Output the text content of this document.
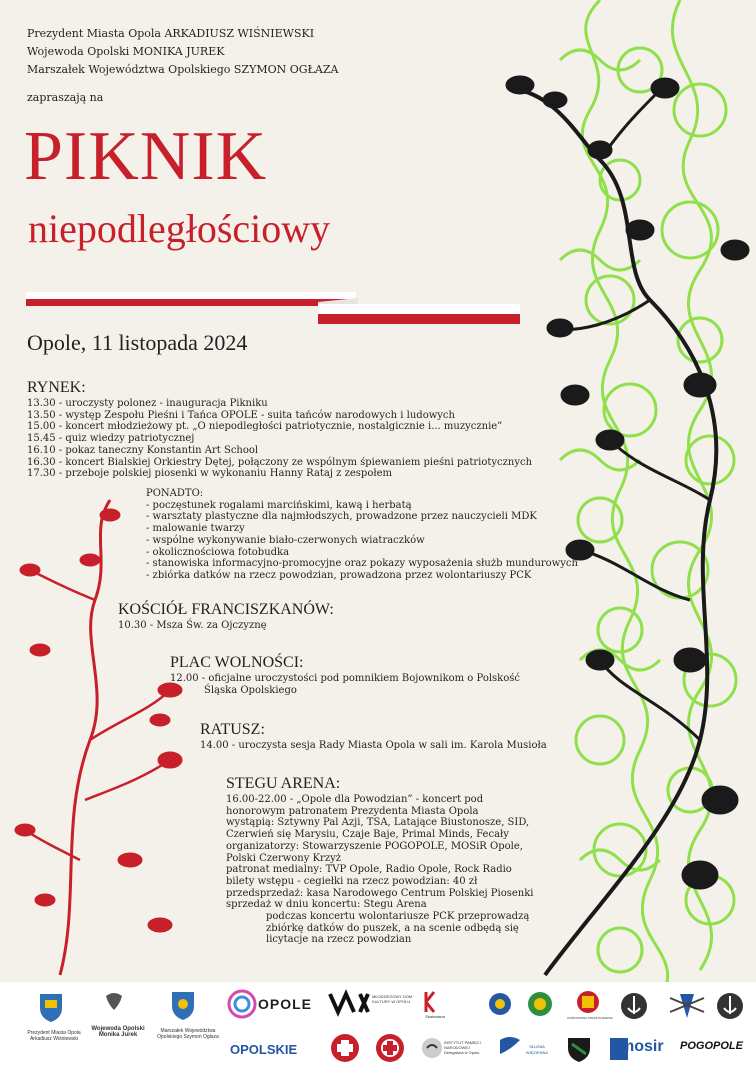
Prezydent Miasta Opola ARKADIUSZ WIŚNIEWSKI
Wojewoda Opolski MONIKA JUREK
Marszałek Województwa Opolskiego SZYMON OGŁAZA
zapraszają na
PIKNIK
niepodległościowy
Opole, 11 listopada 2024
RYNEK:
13.30 - uroczysty polonez - inauguracja Pikniku
13.50 - występ Zespołu Pieśni i Tańca OPOLE - suita tańców narodowych i ludowych
15.00 - koncert młodzieżowy pt. „O niepodległości patriotycznie, nostalgicznie i... muzycznie”
15.45 - quiz wiedzy patriotycznej
16.10 - pokaz taneczny Konstantin Art School
16.30 - koncert Bialskiej Orkiestry Dętej, połączony ze wspólnym śpiewaniem pieśni patriotycznych
17.30 - przeboje polskiej piosenki w wykonaniu Hanny Rataj z zespołem
PONADTO:
- poczęstunek rogalami marcińskimi, kawą i herbatą
- warsztaty plastyczne dla najmłodszych, prowadzone przez nauczycieli MDK
- malowanie twarzy
- wspólne wykonywanie biało-czerwonych wiatraczków
- okolicznościowa fotobudka
- stanowiska informacyjno-promocyjne oraz pokazy wyposażenia służb mundurowych
- zbiórka datków na rzecz powodzian, prowadzona przez wolontariuszy PCK
KOŚCIÓŁ FRANCISZKANÓW:
10.30 - Msza Św. za Ojczyznę
PLAC WOLNOŚCI:
12.00 - oficjalne uroczystości pod pomnikiem Bojownikom o Polskość
Śląska Opolskiego
RATUSZ:
14.00 - uroczysta sesja Rady Miasta Opola w sali im. Karola Musioła
STEGU ARENA:
16.00-22.00 - „Opole dla Powodzian” - koncert pod honorowym patronatem Prezydenta Miasta Opola
wystąpią: Sztywny Pal Azji, TSA, Latające Biustonosze, SID, Czerwień się Marysiu, Czaje Baje, Primal Minds, Fecały
organizatorzy: Stowarzyszenie POGOPOLE, MOSiR Opole, Polski Czerwony Krzyż
patronat medialny: TVP Opole, Radio Opole, Rock Radio
bilety wstępu - cegiełki na rzecz powodzian: 40 zł
przedsprzedaż: kasa Narodowego Centrum Polskiej Piosenki
sprzedaż w dniu koncertu: Stegu Arena
podczas koncertu wolontariusze PCK przeprowadzą zbiórkę datków do puszek, a na scenie odbędą się licytacje na rzecz powodzian
Prezydent Miasta Opola Arkadiusz Wiśniewski
Wojewoda Opolski
Monika Jurek
Marszałek Województwa Opolskiego Szymon Ogłaza
OPOLE
OPOLSKIE
MŁODZIEŻOWY DOM KULTURY W OPOLU
Skatowana	PAŃSTWOWA STRAŻ POŻARNA
INSTYTUT PAMIĘCI NARODOWEJ
Delegatura w Opolu
SŁUŻBA WIĘZIENNA	mosir POGOPOLE
